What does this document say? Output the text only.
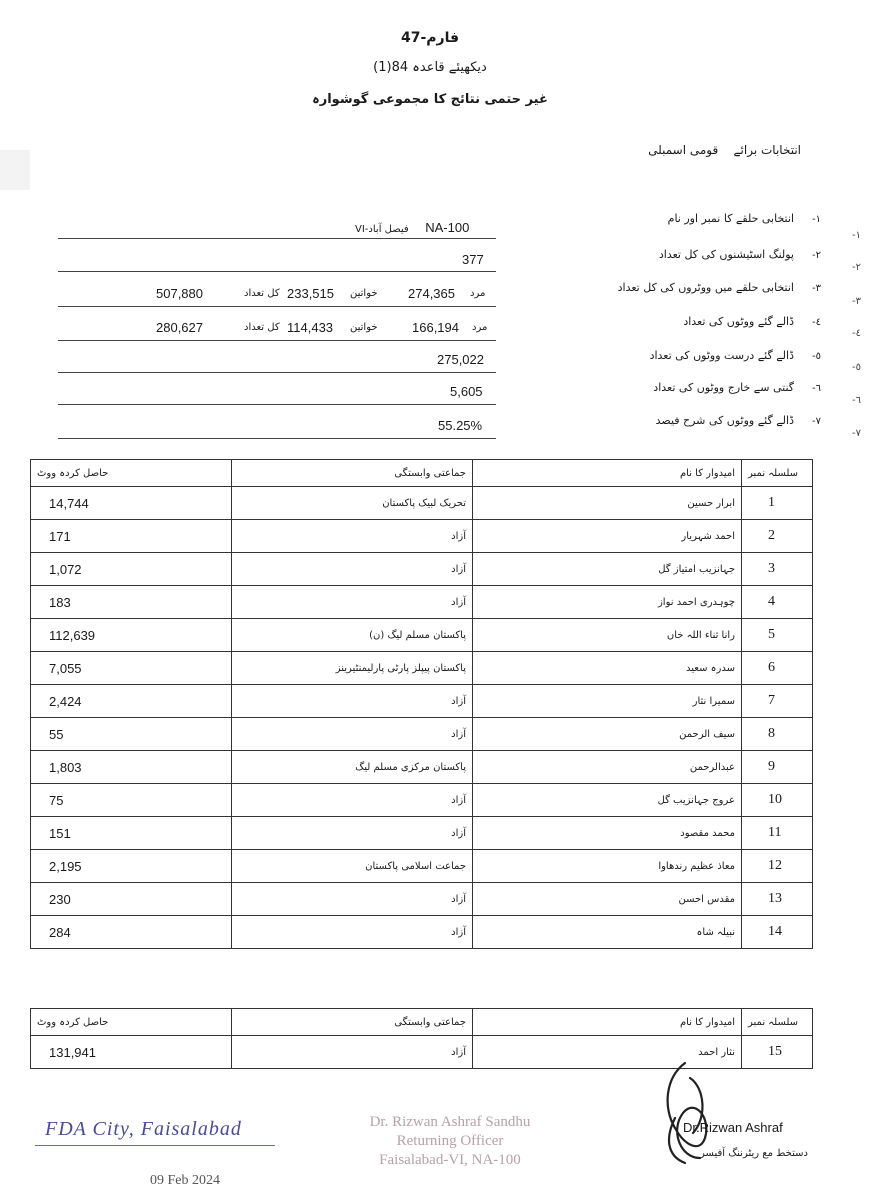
فارم-47
دیکھیئے قاعدہ 84(1)
غیر حتمی نتائج کا مجموعی گوشوارہ
انتخابات برائے    قومی اسمبلی
انتخابی حلقے کا نمبر اور نام	-١
-١
فیصل آباد-VI NA-100
پولنگ اسٹیشنوں کی کل تعداد	-٢
-٢
377
انتخابی حلقے میں ووٹروں کی کل تعداد	-٣
-٣
507,880	کل تعداد 233,515 خواتین 274,365 مرد
ڈالے گئے ووٹوں کی تعداد	-٤
-٤
280,627	کل تعداد 114,433 خواتین	166,194 مرد
ڈالے گئے درست ووٹوں کی تعداد	-٥
-٥
275,022
گنتی سے خارج ووٹوں کی تعداد	-٦
-٦
5,605
ڈالے گئے ووٹوں کی شرح فیصد	-٧
-٧
55.25%
حاصل کردہ ووٹ	جماعتی وابستگی	امیدوار کا نام	سلسلہ نمبر
14,744	تحریک لبیک پاکستان	ابرار حسین	1
171	آزاد	احمد شہریار	2
1,072	آزاد	جہانزیب امتیاز گل	3
183	آزاد	چوہدری احمد نواز	4
112,639	پاکستان مسلم لیگ (ن)	رانا ثناء اللہ خاں	5
7,055	پاکستان پیپلز پارٹی پارلیمنٹیرینز	سدرہ سعید	6
2,424	آزاد	سمیرا نثار	7
55	آزاد	سیف الرحمن	8
1,803	پاکستان مرکزی مسلم لیگ	عبدالرحمن	9
75	آزاد	عروج جہانزیب گل	10
151	آزاد	محمد مقصود	11
2,195	جماعت اسلامی پاکستان	معاذ عظیم رندھاوا	12
230	آزاد	مقدس احسن	13
284	آزاد	نبیلہ شاہ	14
حاصل کردہ ووٹ	جماعتی وابستگی	امیدوار کا نام	سلسلہ نمبر
131,941	آزاد	نثار احمد	15
FDA City, Faisalabad	Dr. Rizwan Ashraf Sandhu
Returning Officer
Faisalabad-VI, NA-100
09 Feb 2024
Dr.Rizwan Ashraf
دستخط مع ریٹرننگ آفیسر
